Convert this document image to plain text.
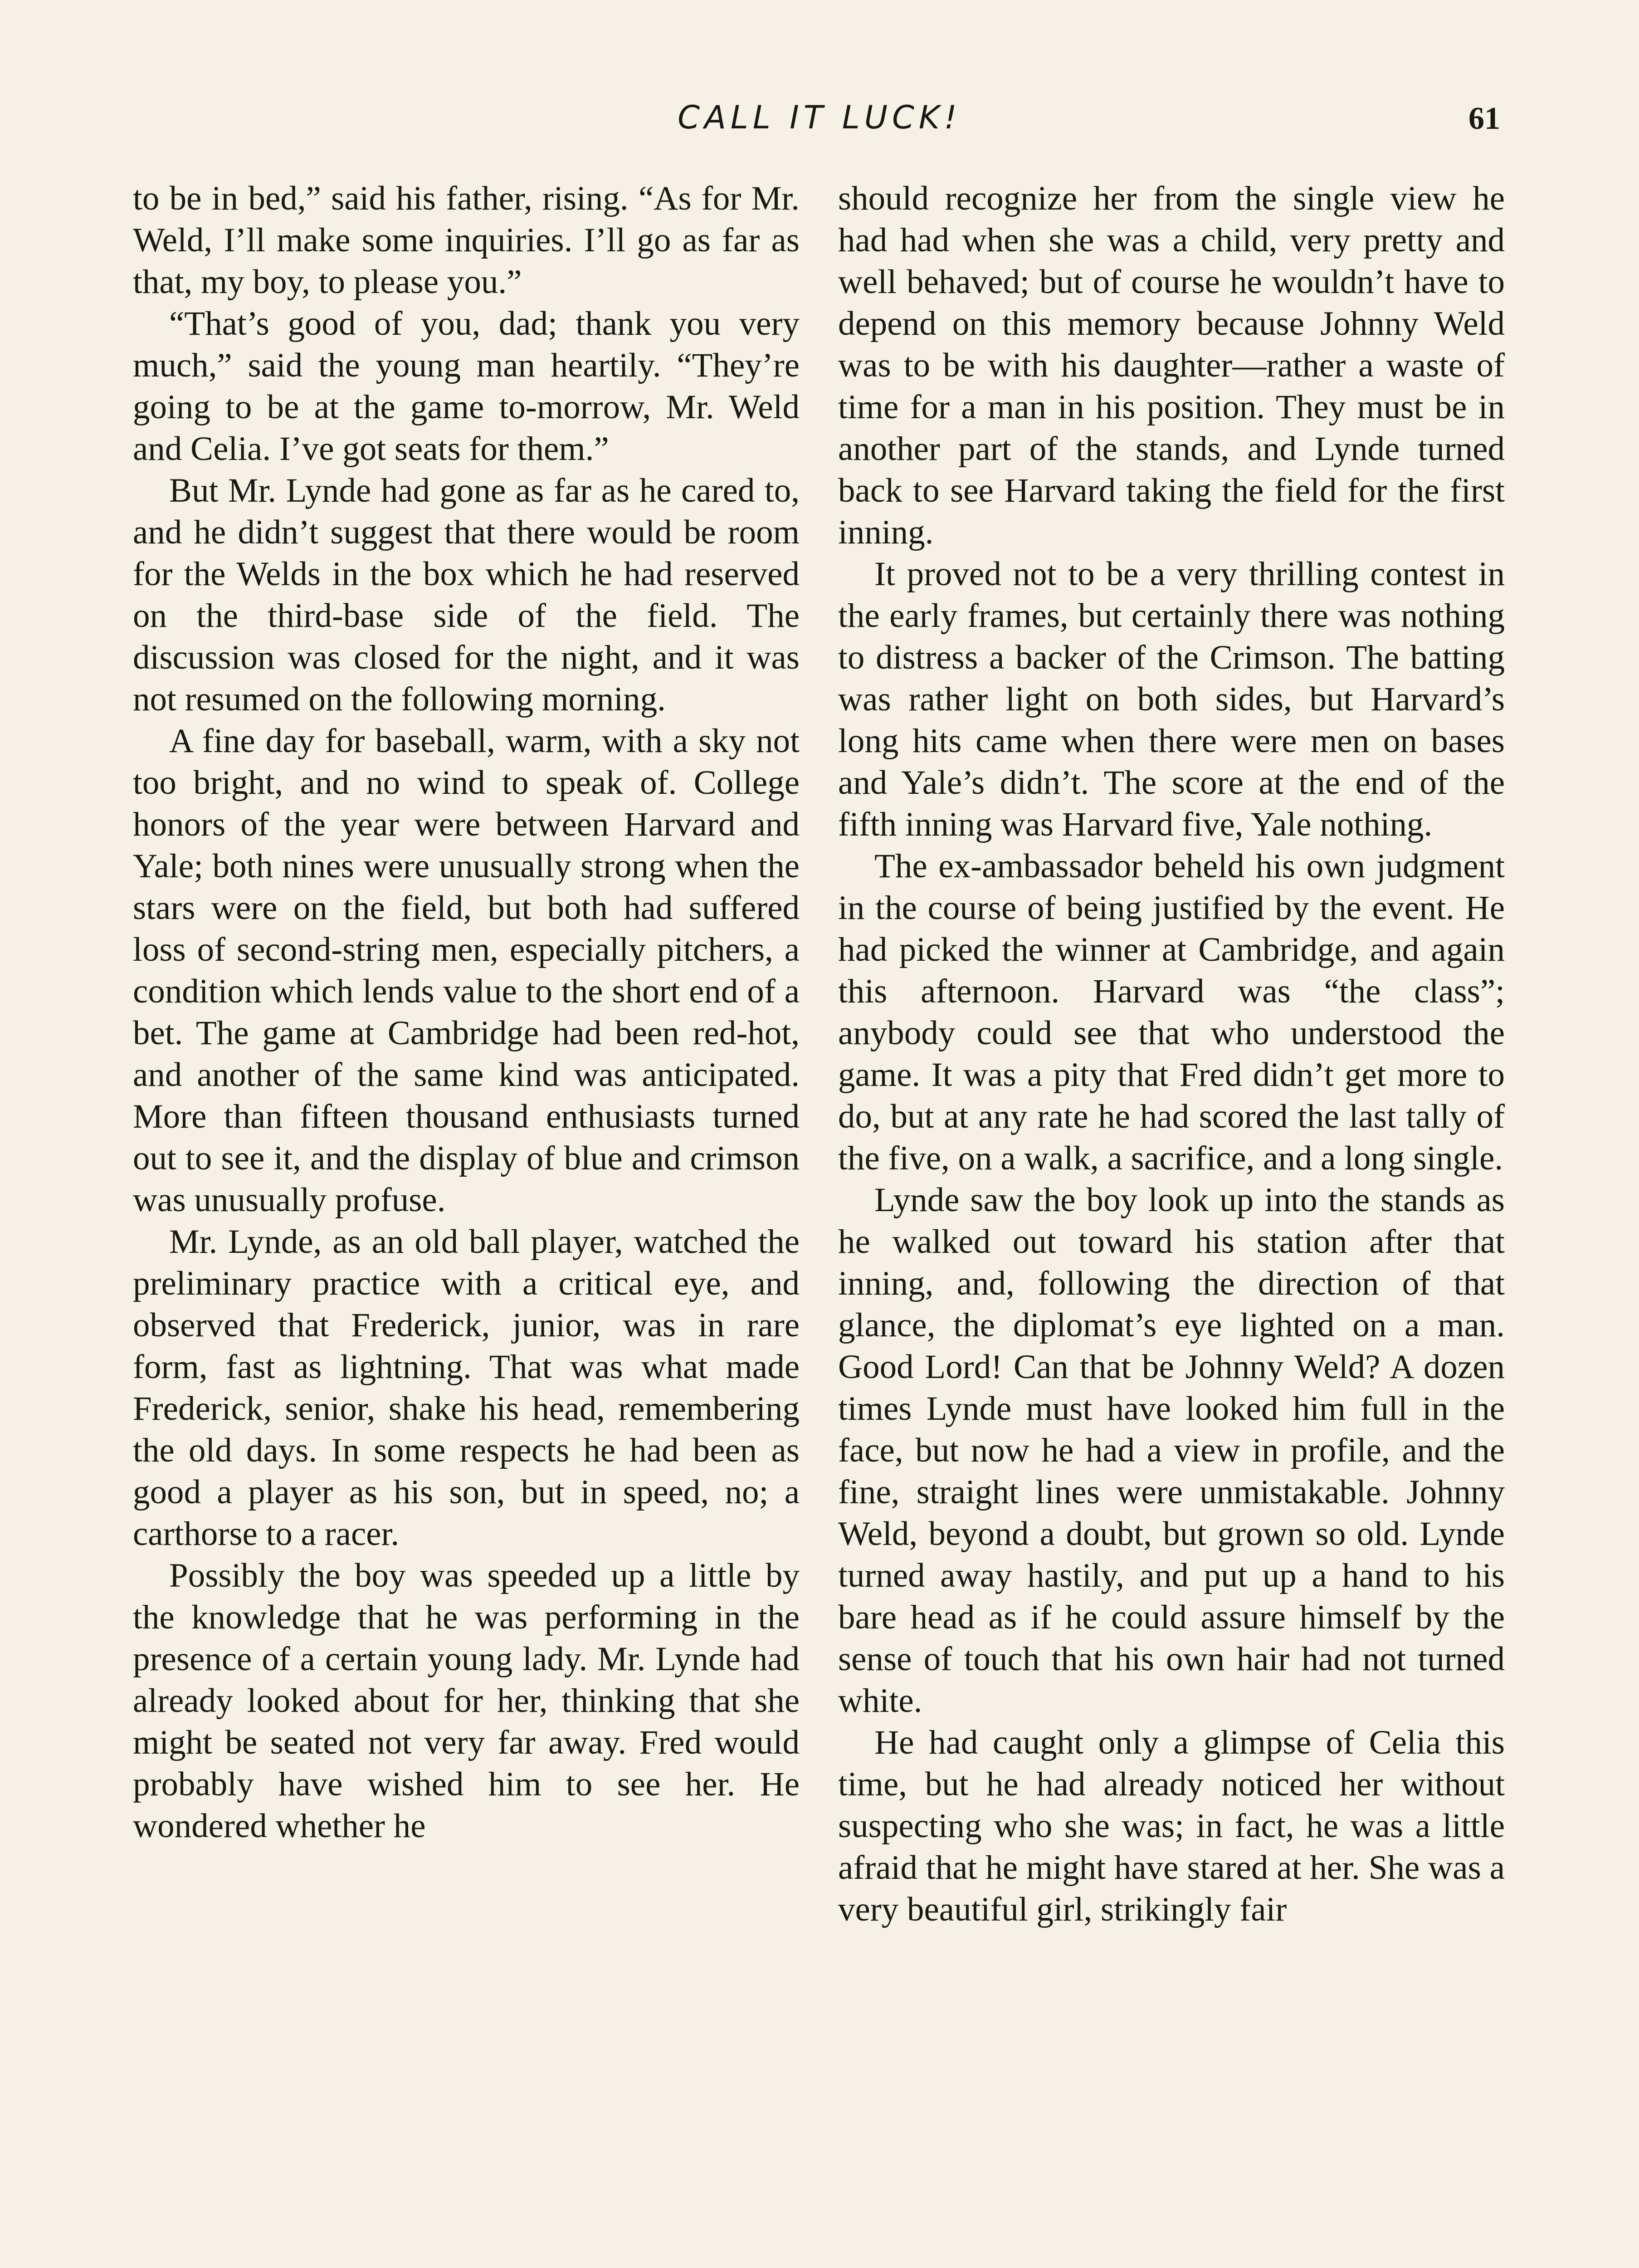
CALL IT LUCK!	61

to be in bed,” said his father, rising. “As for Mr. Weld, I’ll make some inquiries. I’ll go as far as that, my boy, to please you.”

“That’s good of you, dad; thank you very much,” said the young man heartily. “They’re going to be at the game to-morrow, Mr. Weld and Celia. I’ve got seats for them.”

But Mr. Lynde had gone as far as he cared to, and he didn’t suggest that there would be room for the Welds in the box which he had reserved on the third-base side of the field. The discussion was closed for the night, and it was not resumed on the following morning.

A fine day for baseball, warm, with a sky not too bright, and no wind to speak of. College honors of the year were between Harvard and Yale; both nines were unusually strong when the stars were on the field, but both had suffered loss of second-string men, especially pitchers, a condition which lends value to the short end of a bet. The game at Cambridge had been red-hot, and another of the same kind was anticipated. More than fifteen thousand enthusiasts turned out to see it, and the display of blue and crimson was unusually profuse.

Mr. Lynde, as an old ball player, watched the preliminary practice with a critical eye, and observed that Frederick, junior, was in rare form, fast as lightning. That was what made Frederick, senior, shake his head, remembering the old days. In some respects he had been as good a player as his son, but in speed, no; a carthorse to a racer.

Possibly the boy was speeded up a little by the knowledge that he was performing in the presence of a certain young lady. Mr. Lynde had already looked about for her, thinking that she might be seated not very far away. Fred would probably have wished him to see her. He wondered whether he

should recognize her from the single view he had had when she was a child, very pretty and well behaved; but of course he wouldn’t have to depend on this memory because Johnny Weld was to be with his daughter—rather a waste of time for a man in his position. They must be in another part of the stands, and Lynde turned back to see Harvard taking the field for the first inning.

It proved not to be a very thrilling contest in the early frames, but certainly there was nothing to distress a backer of the Crimson. The batting was rather light on both sides, but Harvard’s long hits came when there were men on bases and Yale’s didn’t. The score at the end of the fifth inning was Harvard five, Yale nothing.

The ex-ambassador beheld his own judgment in the course of being justified by the event. He had picked the winner at Cambridge, and again this afternoon. Harvard was “the class”; anybody could see that who understood the game. It was a pity that Fred didn’t get more to do, but at any rate he had scored the last tally of the five, on a walk, a sacrifice, and a long single.

Lynde saw the boy look up into the stands as he walked out toward his station after that inning, and, following the direction of that glance, the diplomat’s eye lighted on a man. Good Lord! Can that be Johnny Weld? A dozen times Lynde must have looked him full in the face, but now he had a view in profile, and the fine, straight lines were unmistakable. Johnny Weld, beyond a doubt, but grown so old. Lynde turned away hastily, and put up a hand to his bare head as if he could assure himself by the sense of touch that his own hair had not turned white.

He had caught only a glimpse of Celia this time, but he had already noticed her without suspecting who she was; in fact, he was a little afraid that he might have stared at her. She was a very beautiful girl, strikingly fair
